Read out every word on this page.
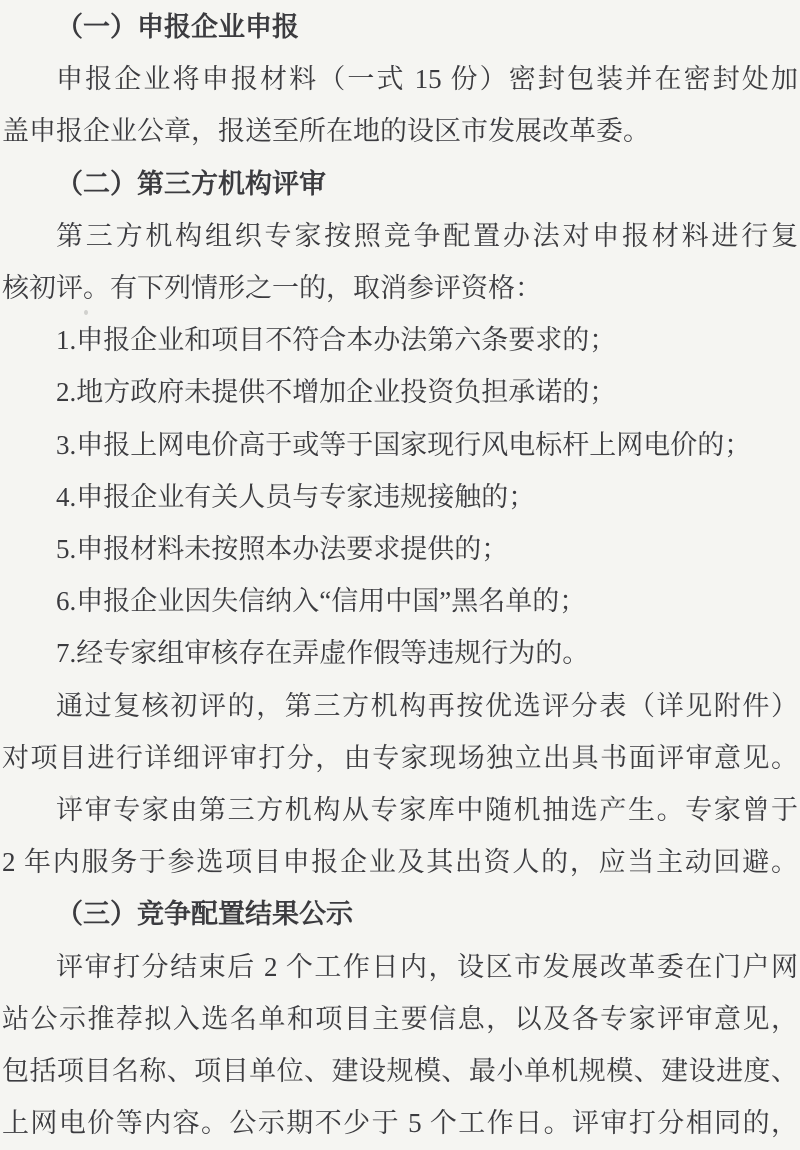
（一）申报企业申报
申报企业将申报材料（一式 15 份）密封包装并在密封处加
盖申报企业公章，报送至所在地的设区市发展改革委。
（二）第三方机构评审
第三方机构组织专家按照竞争配置办法对申报材料进行复
核初评。有下列情形之一的，取消参评资格：
1.申报企业和项目不符合本办法第六条要求的；
2.地方政府未提供不增加企业投资负担承诺的；
3.申报上网电价高于或等于国家现行风电标杆上网电价的；
4.申报企业有关人员与专家违规接触的；
5.申报材料未按照本办法要求提供的；
6.申报企业因失信纳入“信用中国”黑名单的；
7.经专家组审核存在弄虚作假等违规行为的。
通过复核初评的，第三方机构再按优选评分表（详见附件）
对项目进行详细评审打分，由专家现场独立出具书面评审意见。
评审专家由第三方机构从专家库中随机抽选产生。专家曾于
2 年内服务于参选项目申报企业及其出资人的，应当主动回避。
（三）竞争配置结果公示
评审打分结束后 2 个工作日内，设区市发展改革委在门户网
站公示推荐拟入选名单和项目主要信息，以及各专家评审意见，
包括项目名称、项目单位、建设规模、最小单机规模、建设进度、
上网电价等内容。公示期不少于 5 个工作日。评审打分相同的，
